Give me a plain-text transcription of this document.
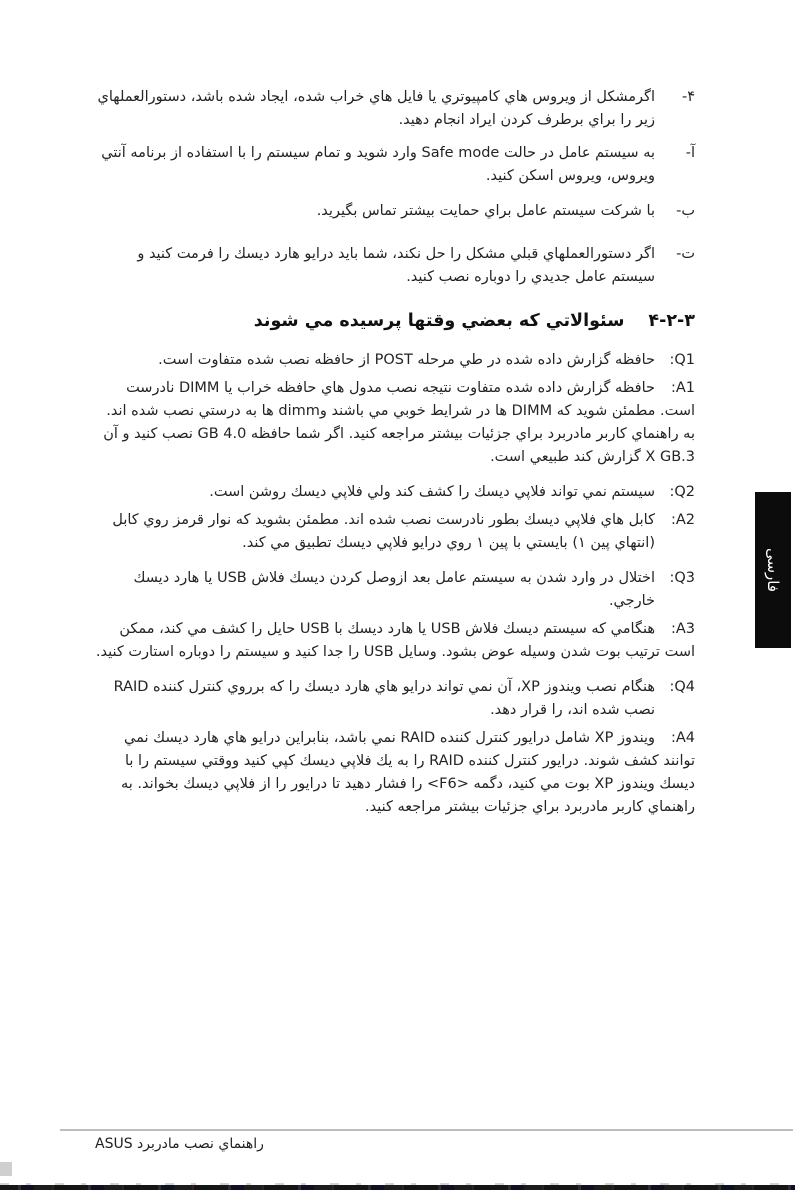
۴-
اگرمشكل از ويروس هاي كامپيوتري يا فايل هاي خراب شده، ايجاد شده باشد، دستورالعملهاي زير را براي برطرف كردن ايراد انجام دهيد.
آ-
به سيستم عامل در حالت Safe mode وارد شويد و تمام سيستم را با استفاده از برنامه آنتي ويروس، ويروس اسكن كنيد.
ب-
با شركت سيستم عامل براي حمايت بيشتر تماس بگيريد.
ت-
اگر دستورالعملهاي قبلي مشكل را حل نكند، شما بايد درايو هارد ديسك را فرمت كنيد و سيستم عامل جديدي را دوباره نصب كنيد.
۴-۲-۳
سئوالاتي كه بعضي وقتها پرسيده مي شوند
Q1:
حافظه گزارش داده شده در طي مرحله POST از حافظه نصب شده متفاوت است.

A1:حافظه گزارش داده شده متفاوت نتيجه نصب مدول هاي حافظه خراب يا DIMM نادرست است. مطمئن شويد كه DIMM ها در شرايط خوبي مي باشند وdimm ها به درستي نصب شده اند. به راهنماي كاربر مادربرد براي جزئيات بيشتر مراجعه كنيد. اگر شما حافظه 4.0 GB نصب كنيد و آن 3.X GB گزارش كند طبيعي است.

Q2:
سيستم نمي تواند فلاپي ديسك را كشف كند ولي فلاپي ديسك روشن است.
A2:
كابل هاي فلاپي ديسك بطور نادرست نصب شده اند. مطمئن بشويد كه نوار قرمز روي كابل (انتهاي پين ۱) بايستي با پين ۱ روي درايو فلاپي ديسك تطبيق مي كند.
Q3:
اختلال در وارد شدن به سيستم عامل بعد ازوصل كردن ديسك فلاش USB يا هارد ديسك خارجي.

A3:هنگامي كه سيستم ديسك فلاش USB يا هارد ديسك با USB حايل را كشف مي كند، ممكن است ترتيب بوت شدن وسيله عوض بشود. وسايل USB را جدا كنيد و سيستم را دوباره استارت كنيد.

Q4:
هنگام نصب ويندوز XP، آن نمي تواند درايو هاي هارد ديسك را كه برروي كنترل كننده RAID نصب شده اند، را قرار دهد.

A4:ويندوز XP شامل درايور كنترل كننده RAID نمي باشد، بنابراين درايو هاي هارد ديسك نمي توانند كشف شوند. درايور كنترل كننده RAID را به يك فلاپي ديسك كپي كنيد ووقتي سيستم را با ديسك ويندوز XP بوت مي كنيد، دگمه <F6> را فشار دهيد تا درايور را از فلاپي ديسك بخواند. به راهنماي كاربر مادربرد براي جزئيات بيشتر مراجعه كنيد.

فارسی
راهنماي نصب مادربرد ASUS
